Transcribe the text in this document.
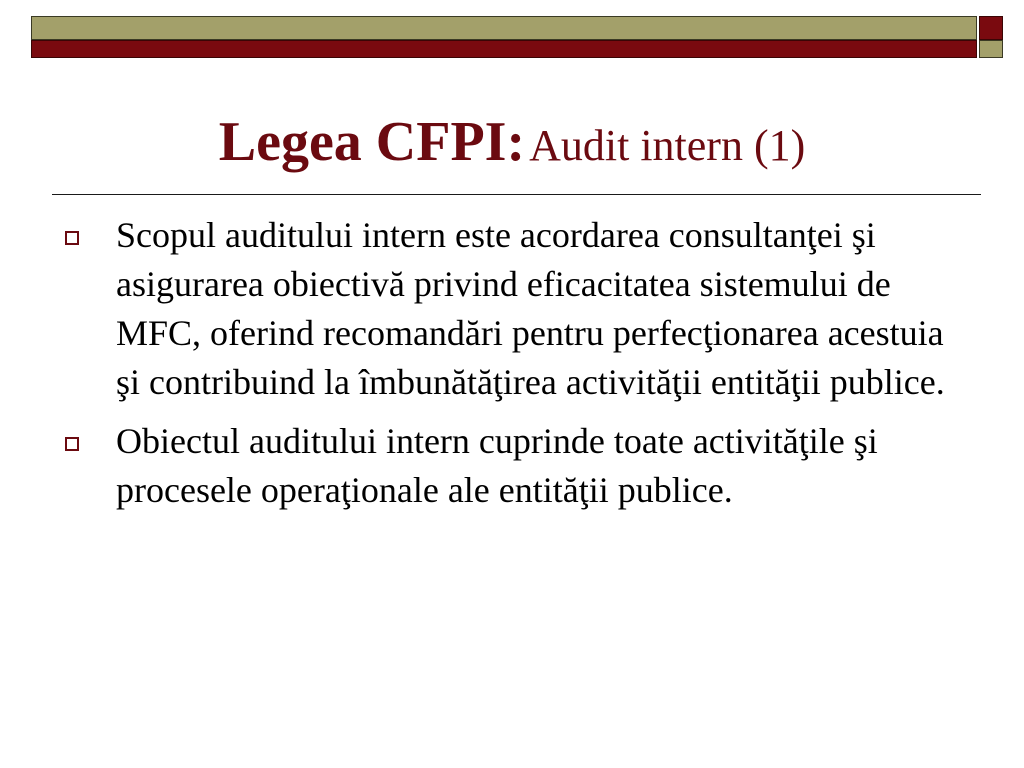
Legea CFPI: Audit intern (1)
Scopul auditului intern este acordarea consultanţei şi asigurarea obiectivă privind eficacitatea sistemului de MFC, oferind recomandări pentru perfecţionarea acestuia şi contribuind la îmbunătăţirea activităţii entităţii publice.
Obiectul auditului intern cuprinde toate activităţile şi procesele operaţionale ale entităţii publice.
